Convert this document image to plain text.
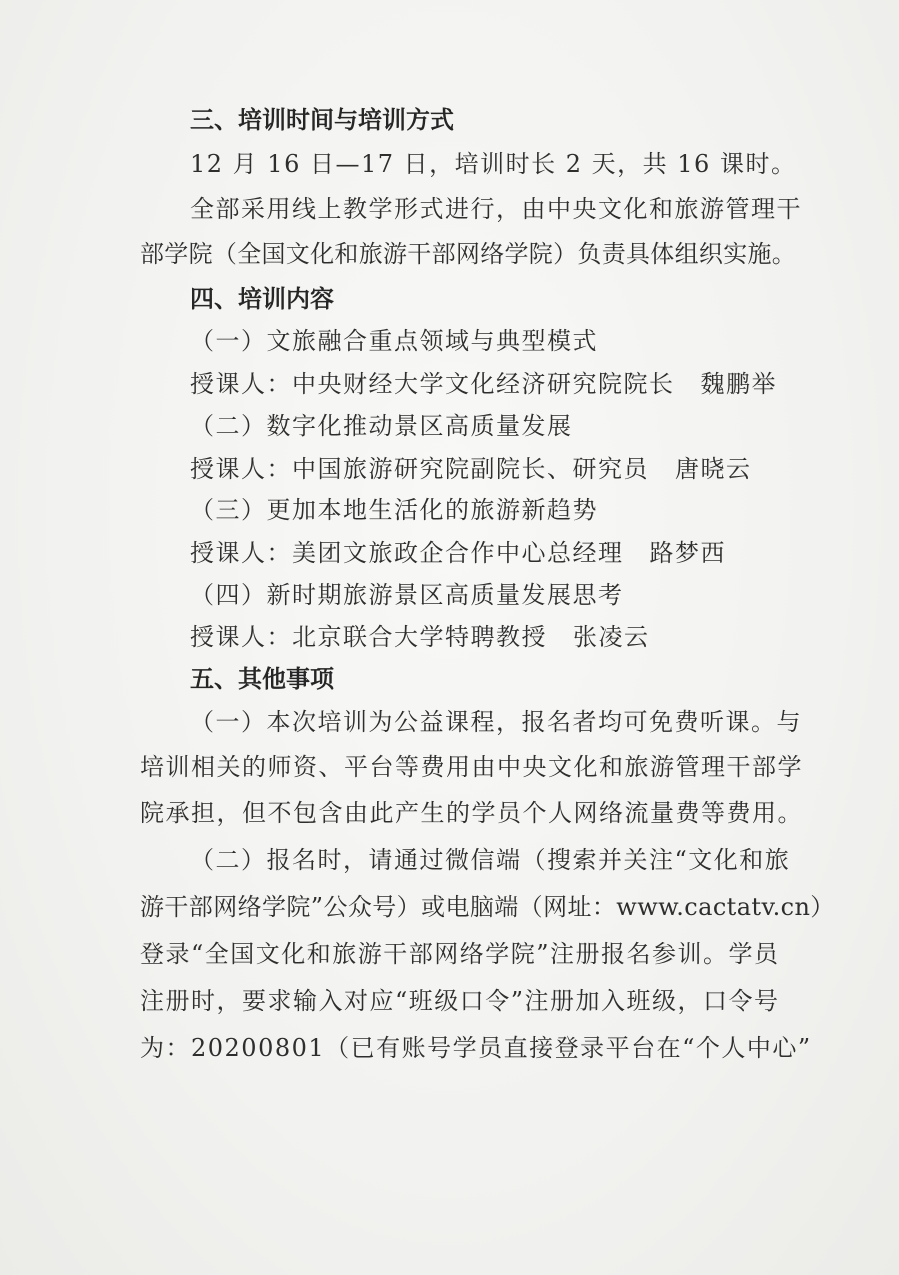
三、培训时间与培训方式
12 月 16 日—17 日，培训时长 2 天，共 16 课时。
全部采用线上教学形式进行，由中央文化和旅游管理干
部学院（全国文化和旅游干部网络学院）负责具体组织实施。
四、培训内容
（一）文旅融合重点领域与典型模式
授课人：中央财经大学文化经济研究院院长 魏鹏举
（二）数字化推动景区高质量发展
授课人：中国旅游研究院副院长、研究员 唐晓云
（三）更加本地生活化的旅游新趋势
授课人：美团文旅政企合作中心总经理 路梦西
（四）新时期旅游景区高质量发展思考
授课人：北京联合大学特聘教授 张凌云
五、其他事项
（一）本次培训为公益课程，报名者均可免费听课。与
培训相关的师资、平台等费用由中央文化和旅游管理干部学
院承担，但不包含由此产生的学员个人网络流量费等费用。
（二）报名时，请通过微信端（搜索并关注“文化和旅
游干部网络学院”公众号）或电脑端（网址：www.cactatv.cn）
登录“全国文化和旅游干部网络学院”注册报名参训。学员
注册时，要求输入对应“班级口令”注册加入班级，口令号
为：20200801（已有账号学员直接登录平台在“个人中心”
